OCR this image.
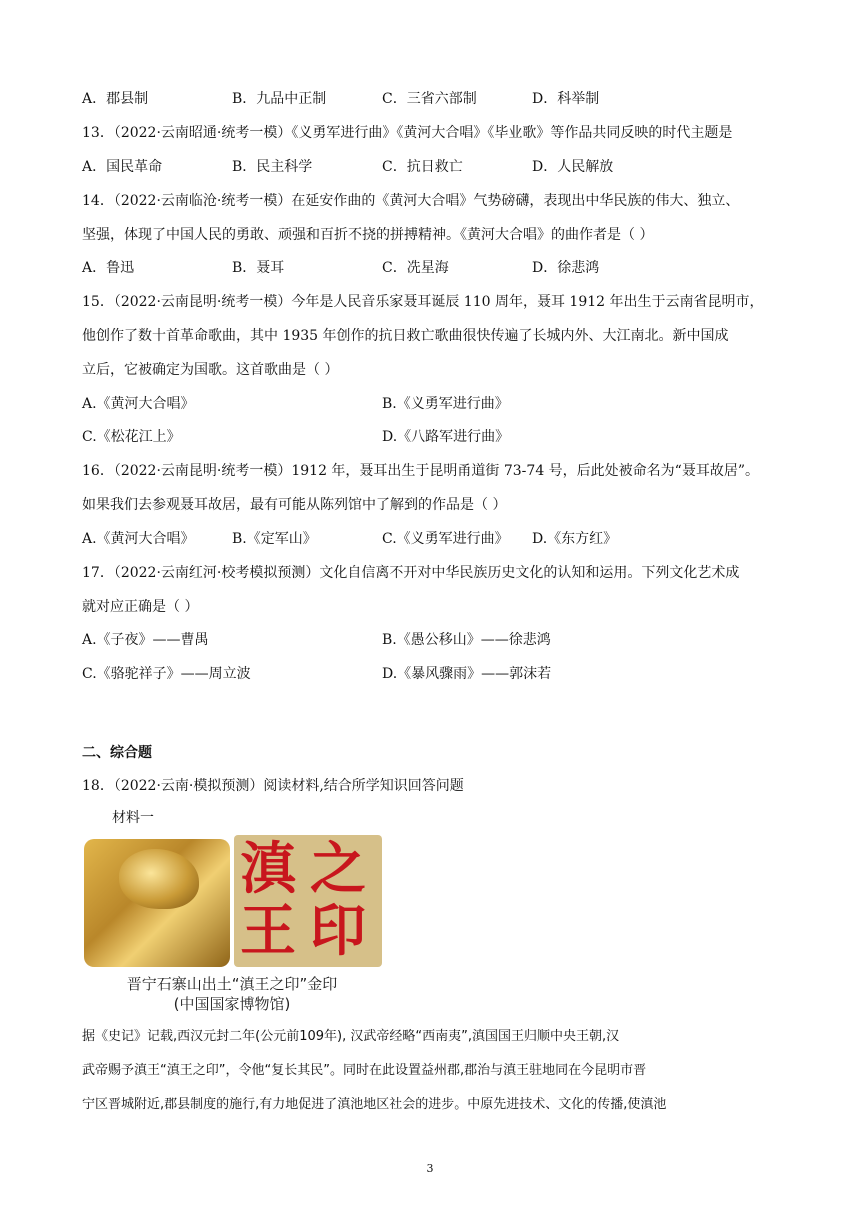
A．郡县制	B．九品中正制	C．三省六部制	D．科举制
13．（2022·云南昭通·统考一模）《义勇军进行曲》《黄河大合唱》《毕业歌》等作品共同反映的时代主题是
A．国民革命	B．民主科学	C．抗日救亡	D．人民解放
14．（2022·云南临沧·统考一模）在延安作曲的《黄河大合唱》气势磅礴，表现出中华民族的伟大、独立、
坚强，体现了中国人民的勇敢、顽强和百折不挠的拼搏精神。《黄河大合唱》的曲作者是（ ）
A．鲁迅	B．聂耳	C．冼星海	D．徐悲鸿
15．（2022·云南昆明·统考一模）今年是人民音乐家聂耳诞辰 110 周年，聂耳 1912 年出生于云南省昆明市，
他创作了数十首革命歌曲，其中 1935 年创作的抗日救亡歌曲很快传遍了长城内外、大江南北。新中国成
立后，它被确定为国歌。这首歌曲是（ ）
A.《黄河大合唱》	B.《义勇军进行曲》
C.《松花江上》	D.《八路军进行曲》
16．（2022·云南昆明·统考一模）1912 年，聂耳出生于昆明甬道街 73-74 号，后此处被命名为“聂耳故居”。
如果我们去参观聂耳故居，最有可能从陈列馆中了解到的作品是（ ）
A.《黄河大合唱》	B.《定军山》	C.《义勇军进行曲》 D.《东方红》
17．（2022·云南红河·校考模拟预测）文化自信离不开对中华民族历史文化的认知和运用。下列文化艺术成
就对应正确是（ ）
A.《子夜》——曹禺	B.《愚公移山》——徐悲鸿
C.《骆驼祥子》——周立波	D.《暴风骤雨》——郭沫若
二、综合题
18．（2022·云南·模拟预测）阅读材料,结合所学知识回答问题
材料一
滇
王
之
印
晋宁石寨山出土“滇王之印”金印
(中国国家博物馆)
据《史记》记载,西汉元封二年(公元前109年), 汉武帝经略“西南夷”,滇国国王归顺中央王朝,汉
武帝赐予滇王“滇王之印”，令他“复长其民”。同时在此设置益州郡,郡治与滇王驻地同在今昆明市晋
宁区晋城附近,郡县制度的施行,有力地促进了滇池地区社会的进步。中原先进技术、文化的传播,使滇池
3
